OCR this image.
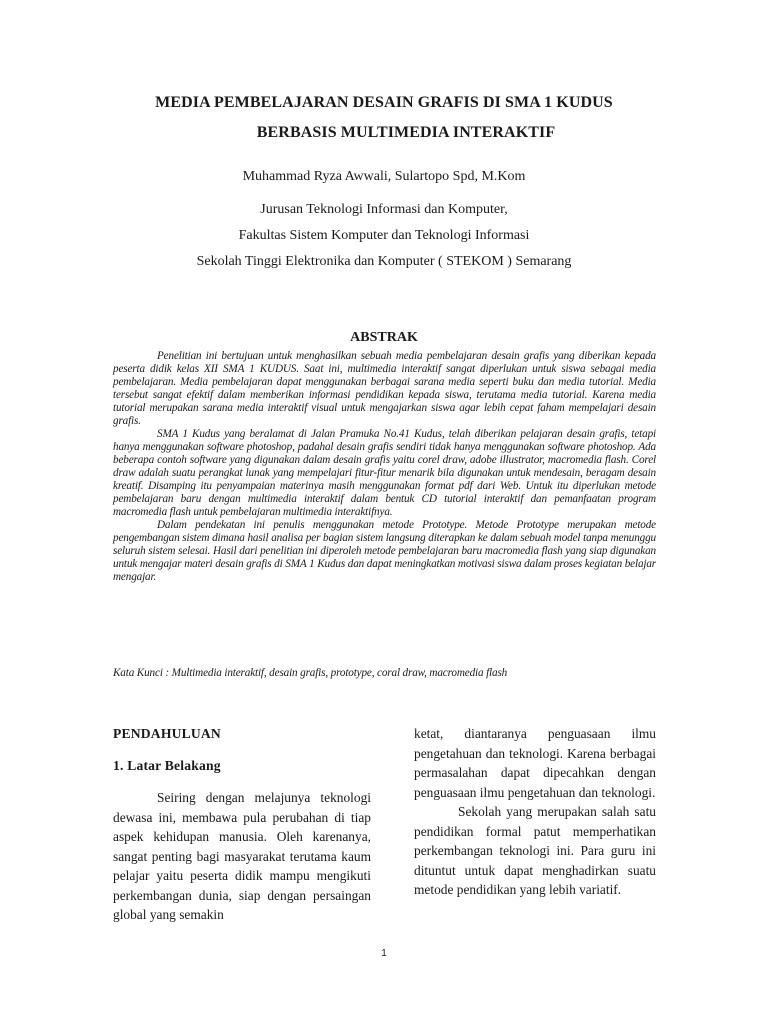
MEDIA PEMBELAJARAN DESAIN GRAFIS DI SMA 1 KUDUS
BERBASIS MULTIMEDIA INTERAKTIF
Muhammad Ryza Awwali, Sulartopo Spd, M.Kom
Jurusan Teknologi Informasi dan Komputer,
Fakultas Sistem Komputer dan Teknologi Informasi
Sekolah Tinggi Elektronika dan Komputer ( STEKOM ) Semarang
ABSTRAK

Penelitian ini bertujuan untuk menghasilkan sebuah media pembelajaran desain grafis yang diberikan kepada peserta didik kelas XII SMA 1 KUDUS. Saat ini, multimedia interaktif sangat diperlukan untuk siswa sebagai media pembelajaran. Media pembelajaran dapat menggunakan berbagai sarana media seperti buku dan media tutorial. Media tersebut sangat efektif dalam memberikan informasi pendidikan kepada siswa, terutama media tutorial. Karena media tutorial merupakan sarana media interaktif visual untuk mengajarkan siswa agar lebih cepat faham mempelajari desain grafis.

SMA 1 Kudus yang beralamat di Jalan Pramuka No.41 Kudus, telah diberikan pelajaran desain grafis, tetapi hanya menggunakan software photoshop, padahal desain grafis sendiri tidak hanya menggunakan software photoshop. Ada beberapa contoh software yang digunakan dalam desain grafis yaitu corel draw, adobe illustrator, macromedia flash. Corel draw adalah suatu perangkat lunak yang mempelajari fitur-fitur menarik bila digunakan untuk mendesain, beragam desain kreatif. Disamping itu penyampaian materinya masih menggunakan format pdf dari Web. Untuk itu diperlukan metode pembelajaran baru dengan multimedia interaktif dalam bentuk CD tutorial interaktif dan pemanfaatan program macromedia flash untuk pembelajaran multimedia interaktifnya.

Dalam pendekatan ini penulis menggunakan metode Prototype. Metode Prototype merupakan metode pengembangan sistem dimana hasil analisa per bagian sistem langsung diterapkan ke dalam sebuah model tanpa menunggu seluruh sistem selesai. Hasil dari penelitian ini diperoleh metode pembelajaran baru macromedia flash yang siap digunakan untuk mengajar materi desain grafis di SMA 1 Kudus dan dapat meningkatkan motivasi siswa dalam proses kegiatan belajar mengajar.

Kata Kunci : Multimedia interaktif, desain grafis, prototype, coral draw, macromedia flash
PENDAHULUAN
1. Latar Belakang

Seiring dengan melajunya teknologi dewasa ini, membawa pula perubahan di tiap aspek kehidupan manusia. Oleh karenanya, sangat penting bagi masyarakat terutama kaum pelajar yaitu peserta didik mampu mengikuti perkembangan dunia, siap dengan persaingan global yang semakin

ketat, diantaranya penguasaan ilmu pengetahuan dan teknologi. Karena berbagai permasalahan dapat dipecahkan dengan penguasaan ilmu pengetahuan dan teknologi.

Sekolah yang merupakan salah satu pendidikan formal patut memperhatikan perkembangan teknologi ini. Para guru ini dituntut untuk dapat menghadirkan suatu metode pendidikan yang lebih variatif.

1
